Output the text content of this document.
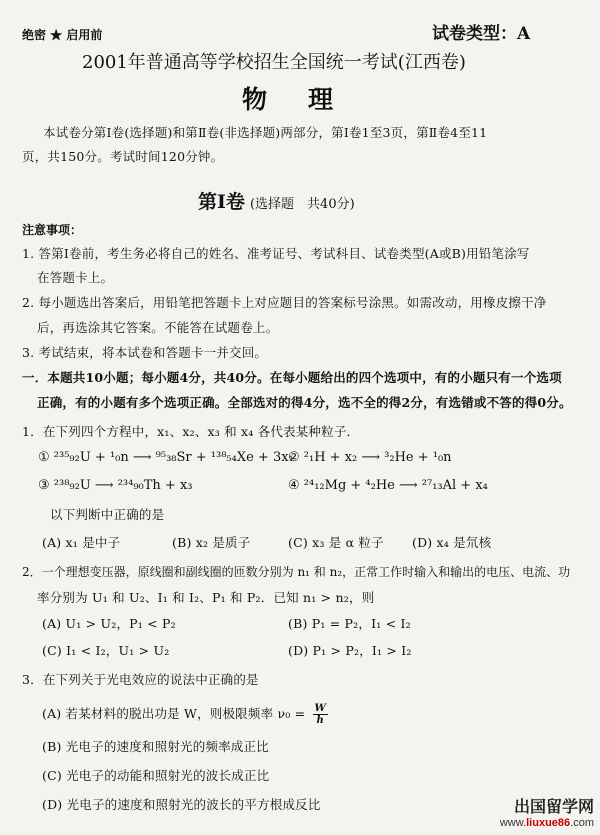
绝密 ★ 启用前	试卷类型：A
2001年普通高等学校招生全国统一考试(江西卷)
物　理
本试卷分第Ⅰ卷(选择题)和第Ⅱ卷(非选择题)两部分，第Ⅰ卷1至3页，第Ⅱ卷4至11
页，共150分。考试时间120分钟。
第Ⅰ卷 (选择题　共40分)
注意事项：
1. 答第Ⅰ卷前，考生务必将自己的姓名、准考证号、考试科目、试卷类型(A或B)用铅笔涂写
在答题卡上。
2. 每小题选出答案后，用铅笔把答题卡上对应题目的答案标号涂黑。如需改动，用橡皮擦干净
后，再选涂其它答案。不能答在试题卷上。
3. 考试结束，将本试卷和答题卡一并交回。
一．本题共10小题；每小题4分，共40分。在每小题给出的四个选项中，有的小题只有一个选项
正确，有的小题有多个选项正确。全部选对的得4分，选不全的得2分，有选错或不答的得0分。
1．在下列四个方程中，x₁、x₂、x₃ 和 x₄ 各代表某种粒子．
① ²³⁵₉₂U + ¹₀n ⟶ ⁹⁵₃₈Sr + ¹³⁸₅₄Xe + 3x₁
② ²₁H + x₂ ⟶ ³₂He + ¹₀n
③ ²³⁸₉₂U ⟶ ²³⁴₉₀Th + x₃	④ ²⁴₁₂Mg + ⁴₂He ⟶ ²⁷₁₃Al + x₄
以下判断中正确的是
(A) x₁ 是中子	(B) x₂ 是质子	(C) x₃ 是 α 粒子 (D) x₄ 是氘核
2．一个理想变压器，原线圈和副线圈的匝数分别为 n₁ 和 n₂，正常工作时输入和输出的电压、电流、功
率分别为 U₁ 和 U₂、I₁ 和 I₂、P₁ 和 P₂．已知 n₁ > n₂，则
(A) U₁ > U₂，P₁ < P₂	(B) P₁ = P₂，I₁ < I₂
(C) I₁ < I₂，U₁ > U₂	(D) P₁ > P₂，I₁ > I₂
3．在下列关于光电效应的说法中正确的是
(A) 若某材料的脱出功是 W，则极限频率 $\nu_0 = \frac{W}{h}$
(B) 光电子的速度和照射光的频率成正比
(C) 光电子的动能和照射光的波长成正比
(D) 光电子的速度和照射光的波长的平方根成反比	出国留学网
www.liuxue86.com
